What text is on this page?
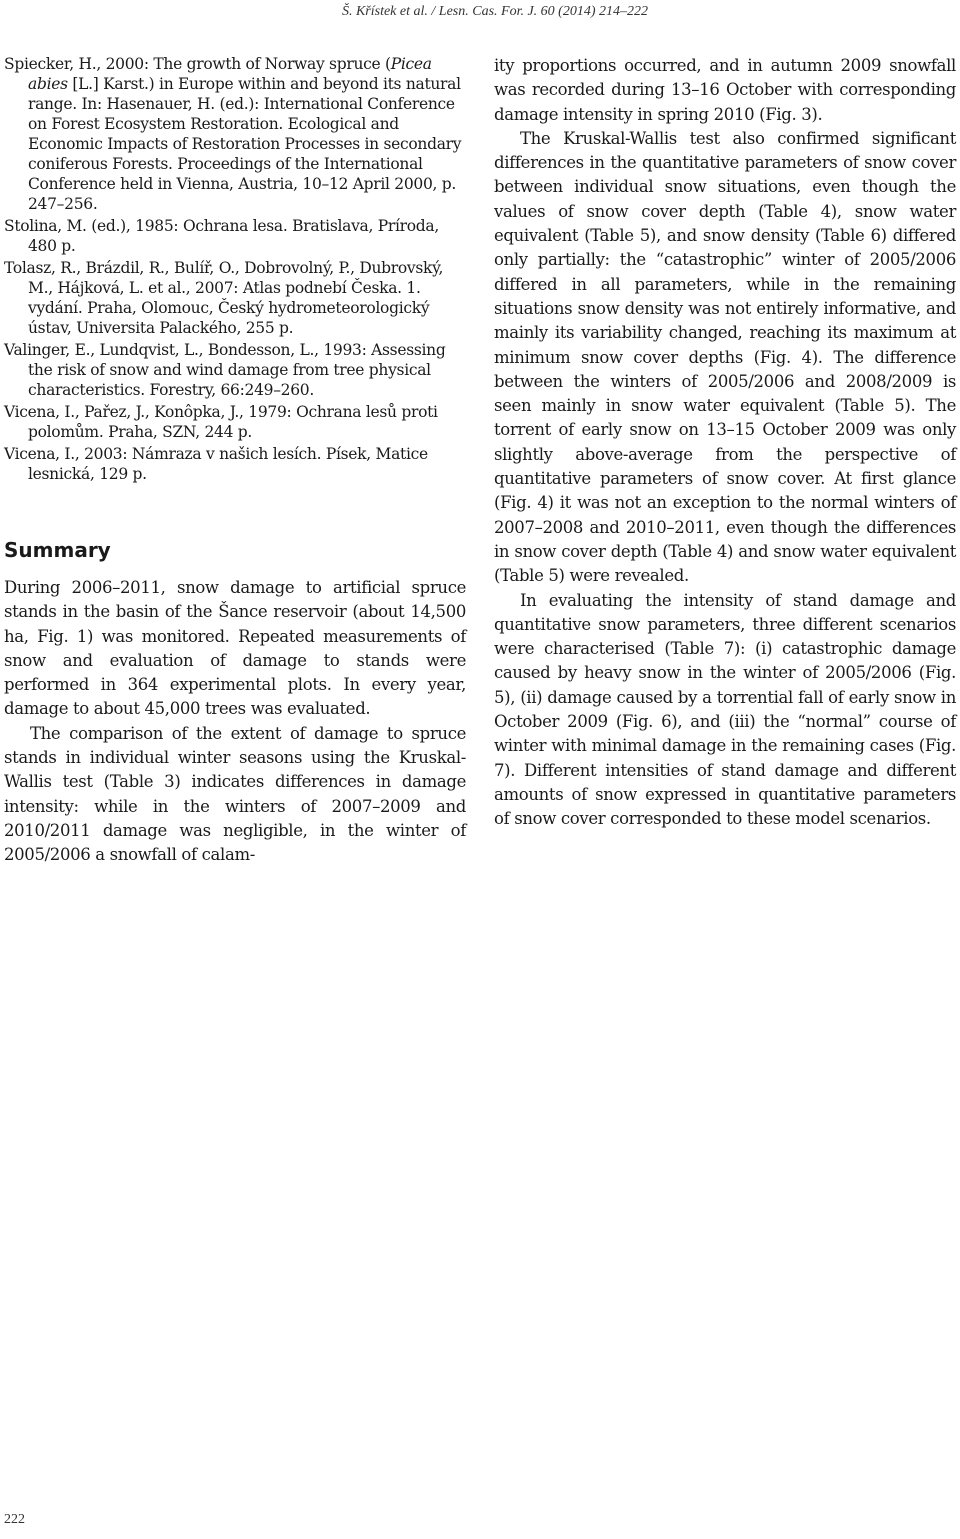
Š. Křístek et al. / Lesn. Cas. For. J. 60 (2014) 214–222

Spiecker, H., 2000: The growth of Norway spruce (Picea abies [L.] Karst.) in Europe within and beyond its natural range. In: Hasenauer, H. (ed.): International Conference on Forest Ecosystem Restoration. Ecological and Economic Impacts of Restoration Processes in secondary coniferous Forests. Proceedings of the International Conference held in Vienna, Austria, 10–12 April 2000, p. 247–256.

Stolina, M. (ed.), 1985: Ochrana lesa. Bratislava, Príroda, 480 p.

Tolasz, R., Brázdil, R., Bulíř, O., Dobrovolný, P., Dubrovský, M., Hájková, L. et al., 2007: Atlas podnebí Česka. 1. vydání. Praha, Olomouc, Český hydrometeorologický ústav, Universita Palackého, 255 p.

Valinger, E., Lundqvist, L., Bondesson, L., 1993: Assessing the risk of snow and wind damage from tree physical characteristics. Forestry, 66:249–260.

Vicena, I., Pařez, J., Konôpka, J., 1979: Ochrana lesů proti polomům. Praha, SZN, 244 p.

Vicena, I., 2003: Námraza v našich lesích. Písek, Matice lesnická, 129 p.

Summary

During 2006–2011, snow damage to artificial spruce stands in the basin of the Šance reservoir (about 14,500 ha, Fig. 1) was monitored. Repeated measurements of snow and evaluation of damage to stands were performed in 364 experimental plots. In every year, damage to about 45,000 trees was evaluated.

The comparison of the extent of damage to spruce stands in individual winter seasons using the Kruskal-Wallis test (Table 3) indicates differences in damage intensity: while in the winters of 2007–2009 and 2010/2011 damage was negligible, in the winter of 2005/2006 a snowfall of calam-

ity proportions occurred, and in autumn 2009 snowfall was recorded during 13–16 October with corresponding damage intensity in spring 2010 (Fig. 3).

The Kruskal-Wallis test also confirmed significant differences in the quantitative parameters of snow cover between individual snow situations, even though the values of snow cover depth (Table 4), snow water equivalent (Table 5), and snow density (Table 6) differed only partially: the “catastrophic” winter of 2005/2006 differed in all parameters, while in the remaining situations snow density was not entirely informative, and mainly its variability changed, reaching its maximum at minimum snow cover depths (Fig. 4). The difference between the winters of 2005/2006 and 2008/2009 is seen mainly in snow water equivalent (Table 5). The torrent of early snow on 13–15 October 2009 was only slightly above-average from the perspective of quantitative parameters of snow cover. At first glance (Fig. 4) it was not an exception to the normal winters of 2007–2008 and 2010–2011, even though the differences in snow cover depth (Table 4) and snow water equivalent (Table 5) were revealed.

In evaluating the intensity of stand damage and quantitative snow parameters, three different scenarios were characterised (Table 7): (i) catastrophic damage caused by heavy snow in the winter of 2005/2006 (Fig. 5), (ii) damage caused by a torrential fall of early snow in October 2009 (Fig. 6), and (iii) the “normal” course of winter with minimal damage in the remaining cases (Fig. 7). Different intensities of stand damage and different amounts of snow expressed in quantitative parameters of snow cover corresponded to these model scenarios.

222
